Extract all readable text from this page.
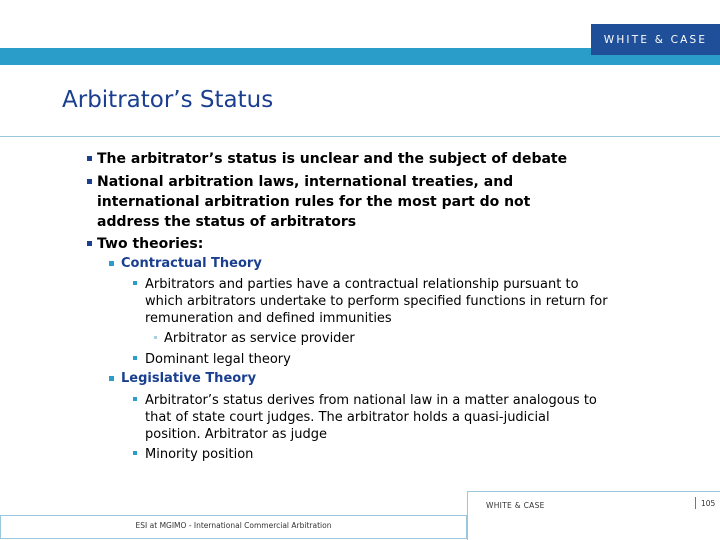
WHITE & CASE
Arbitrator’s Status
The arbitrator’s status is unclear and the subject of debate
National arbitration laws, international treaties, and
international arbitration rules for the most part do not
address the status of arbitrators
Two theories:
Contractual Theory
Arbitrators and parties have a contractual relationship pursuant to
which arbitrators undertake to perform specified functions in return for
remuneration and defined immunities
Arbitrator as service provider
Dominant legal theory
Legislative Theory
Arbitrator’s status derives from national law in a matter analogous to
that of state court judges. The arbitrator holds a quasi-judicial
position. Arbitrator as judge
Minority position
ESI at MGIMO - International Commercial Arbitration
WHITE & CASE	105
